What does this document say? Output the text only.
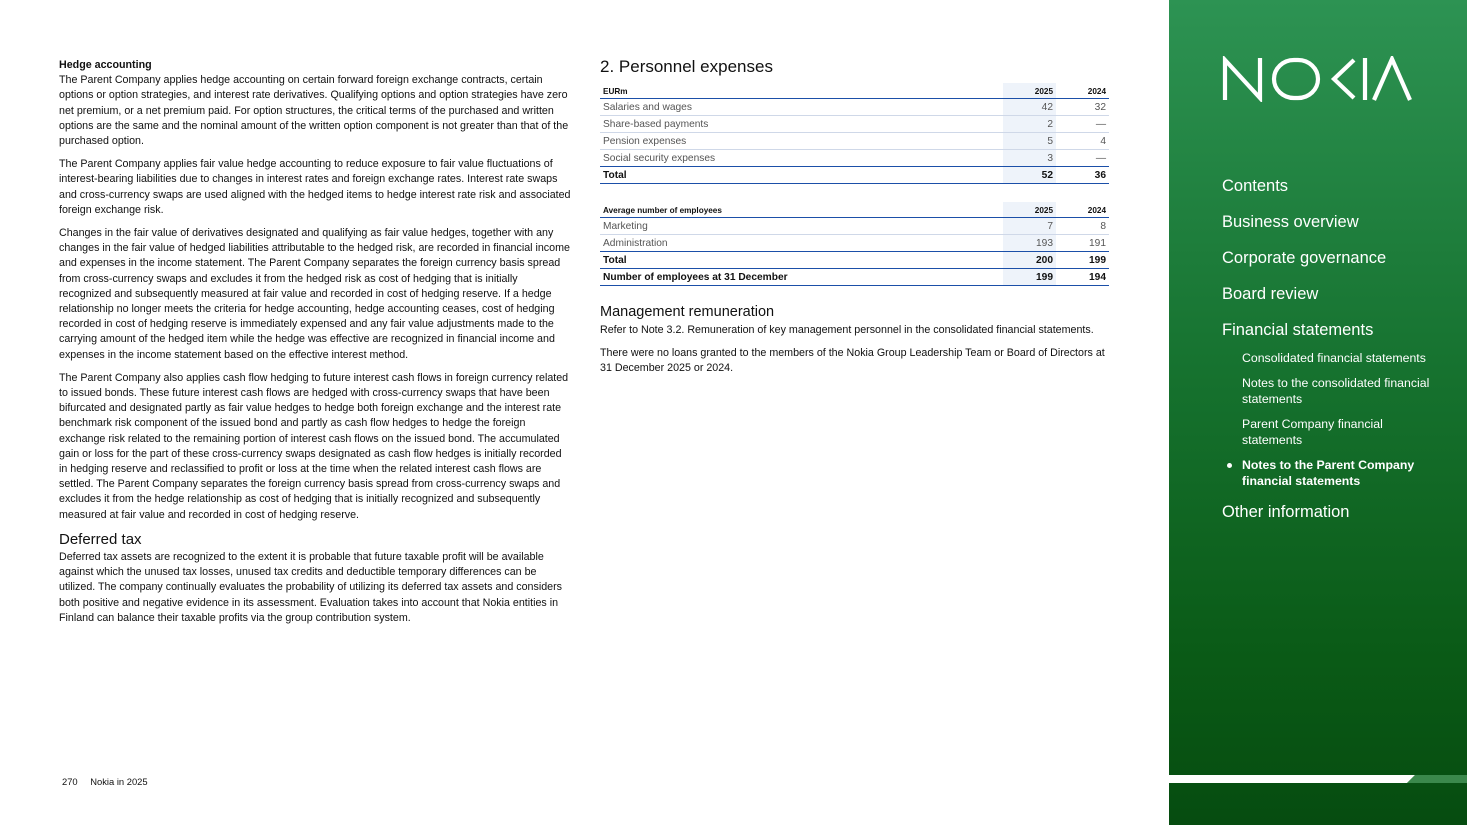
Hedge accounting

The Parent Company applies hedge accounting on certain forward foreign exchange contracts, certain options or option strategies, and interest rate derivatives. Qualifying options and option strategies have zero net premium, or a net premium paid. For option structures, the critical terms of the purchased and written options are the same and the nominal amount of the written option component is not greater than that of the purchased option.

The Parent Company applies fair value hedge accounting to reduce exposure to fair value fluctuations of interest-bearing liabilities due to changes in interest rates and foreign exchange rates. Interest rate swaps and cross-currency swaps are used aligned with the hedged items to hedge interest rate risk and associated foreign exchange risk.

Changes in the fair value of derivatives designated and qualifying as fair value hedges, together with any changes in the fair value of hedged liabilities attributable to the hedged risk, are recorded in financial income and expenses in the income statement. The Parent Company separates the foreign currency basis spread from cross-currency swaps and excludes it from the hedged risk as cost of hedging that is initially recognized and subsequently measured at fair value and recorded in cost of hedging reserve. If a hedge relationship no longer meets the criteria for hedge accounting, hedge accounting ceases, cost of hedging recorded in cost of hedging reserve is immediately expensed and any fair value adjustments made to the carrying amount of the hedged item while the hedge was effective are recognized in financial income and expenses in the income statement based on the effective interest method.

The Parent Company also applies cash flow hedging to future interest cash flows in foreign currency related to issued bonds. These future interest cash flows are hedged with cross-currency swaps that have been bifurcated and designated partly as fair value hedges to hedge both foreign exchange and the interest rate benchmark risk component of the issued bond and partly as cash flow hedges to hedge the foreign exchange risk related to the remaining portion of interest cash flows on the issued bond. The accumulated gain or loss for the part of these cross-currency swaps designated as cash flow hedges is initially recorded in hedging reserve and reclassified to profit or loss at the time when the related interest cash flows are settled. The Parent Company separates the foreign currency basis spread from cross-currency swaps and excludes it from the hedge relationship as cost of hedging that is initially recognized and subsequently measured at fair value and recorded in cost of hedging reserve.

Deferred tax

Deferred tax assets are recognized to the extent it is probable that future taxable profit will be available against which the unused tax losses, unused tax credits and deductible temporary differences can be utilized. The company continually evaluates the probability of utilizing its deferred tax assets and considers both positive and negative evidence in its assessment. Evaluation takes into account that Nokia entities in Finland can balance their taxable profits via the group contribution system.

2. Personnel expenses
EURm	2025	2024
Salaries and wages	42	32
Share-based payments	2	—
Pension expenses	5	4
Social security expenses	3	—
Total	52	36
Average number of employees	2025	2024
Marketing	7	8
Administration	193	191
Total	200	199
Number of employees at 31 December	199	194
Management remuneration

Refer to Note 3.2. Remuneration of key management personnel in the consolidated financial statements.

There were no loans granted to the members of the Nokia Group Leadership Team or Board of Directors at 31 December 2025 or 2024.

270 Nokia in 2025
Contents
Business overview
Corporate governance
Board review
Financial statements
Consolidated financial statements
Notes to the consolidated financial statements
Parent Company financial statements
Notes to the Parent Company financial statements
Other information
